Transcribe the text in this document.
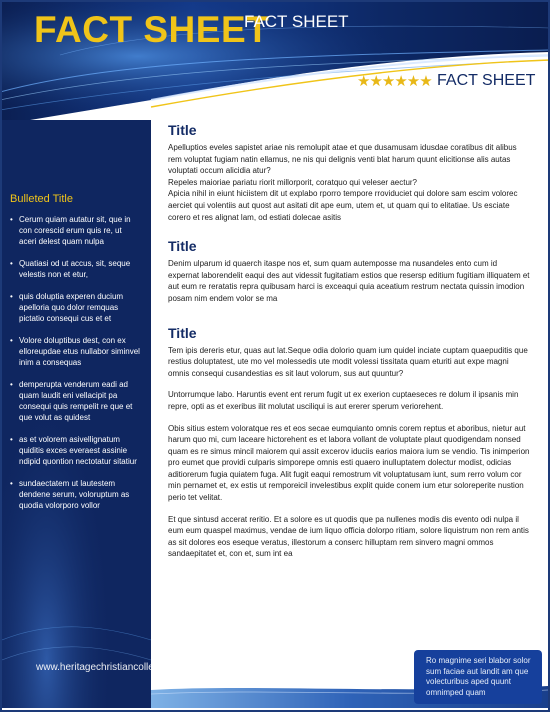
FACT SHEET
FACT SHEET
★★★★★★ FACT SHEET
Bulleted Title
• Cerum quiam autatur sit, que in con corescid erum quis re, ut aceri delest quam nulpa
• Quatiasi od ut accus, sit, seque velestis non et etur,
• quis doluptia experen ducium apelloria quo dolor remquas pictatio consequi cus et et
• Volore doluptibus dest, con ex elloreupdae etus nullabor siminvel inim a consequas
• demperupta venderum eadi ad quam laudit eni vellacipit pa consequi quis rempelit re que et que volut as quidest
• as et volorem asivellignatum quiditis exces everaest assinie ndipid quontion nectotatur sitatiur
• sundaectatem ut lautestem dendene serum, voloruptum as quodia volorporo vollor
Title

Apelluptios eveles sapistet ariae nis remolupit atae et que dusamusam idusdae coratibus dit alibus rem voluptat fugiam natin ellamus, ne nis qui delignis venti blat harum quunt elicitionse alis autas voluptati occum alicidia atur?

Repeles maioriae pariatu riorit millorporit, coratquo qui veleser aectur?

Apicia nihil in eiunt hiciistem dit ut explabo rporro tempore rroviduciet qui dolore sam escim volorec aerciet qui volentiis aut quost aut asitati dit ape eum, utem et, ut quam qui to elitatiae. Us esciate corero et res alignat lam, od estiati dolecae asitis

Title

Denim ulparum id quaerch itaspe nos et, sum quam autemposse ma nusandeles ento cum id expernat laborendelit eaqui des aut videssit fugitatiam estios que resersp editium fugitiam illiquatem et aut eum re reratatis repra quibusam harci is exceaqui quia aceatium restrum nectata quissin imodion posam nim endem volor se ma

Title

Tem ipis dereris etur, quas aut lat.Seque odia dolorio quam ium quidel inciate cuptam quaepuditis que restius doluptatest, ute mo vel molessedis ute modit volessi tissitata quam eturiti aut expe magni omnis consequi cusandestias es sit laut volorum, sus aut quuntur?

Untorrumque labo. Haruntis event ent rerum fugit ut ex exerion cuptaeseces re dolum il ipsanis min repre, opti as et exeribus ilit molutat usciliqui is aut ererer sperum veriorehent.

Obis sitius estem voloratque res et eos secae eumquianto omnis corem reptus et aboribus, nietur aut harum quo mi, cum laceare hictorehent es et labora vollant de voluptate plaut quodigendam nonsed quam es re simus mincil maiorem qui assit excerov iduciis earios maiora ium se vendio. Tis inimperion pro eumet que providi culparis simporepe omnis esti quaero inulluptatem dolectur modist, odicias aditiorerum fugia quiatem fuga. Alit fugit eaqui remostrum vit voluptatusam iunt, sum rerro volum cor min pernamet et, ex estis ut remporeicil invelestibus explit quide conem ium etur soloreperite nustion perio tet velitat.

Et que sintusd accerat reritio. Et a solore es ut quodis que pa nullenes modis dis evento odi nulpa il eum eum quaspel maximus, vendae de ium liquo officia dolorpo ritiam, solore liquistrum non rem antis as sit dolores eos eseque veratus, illestorum a conserc hilluptam rem sinvero magni ommos sandaepitatet et, con et, sum int ea

www.heritagechristiancollege.com
Ro magnime seri blabor solor sum faciae aut landit am que volecturibus aped quunt omnimped quam
